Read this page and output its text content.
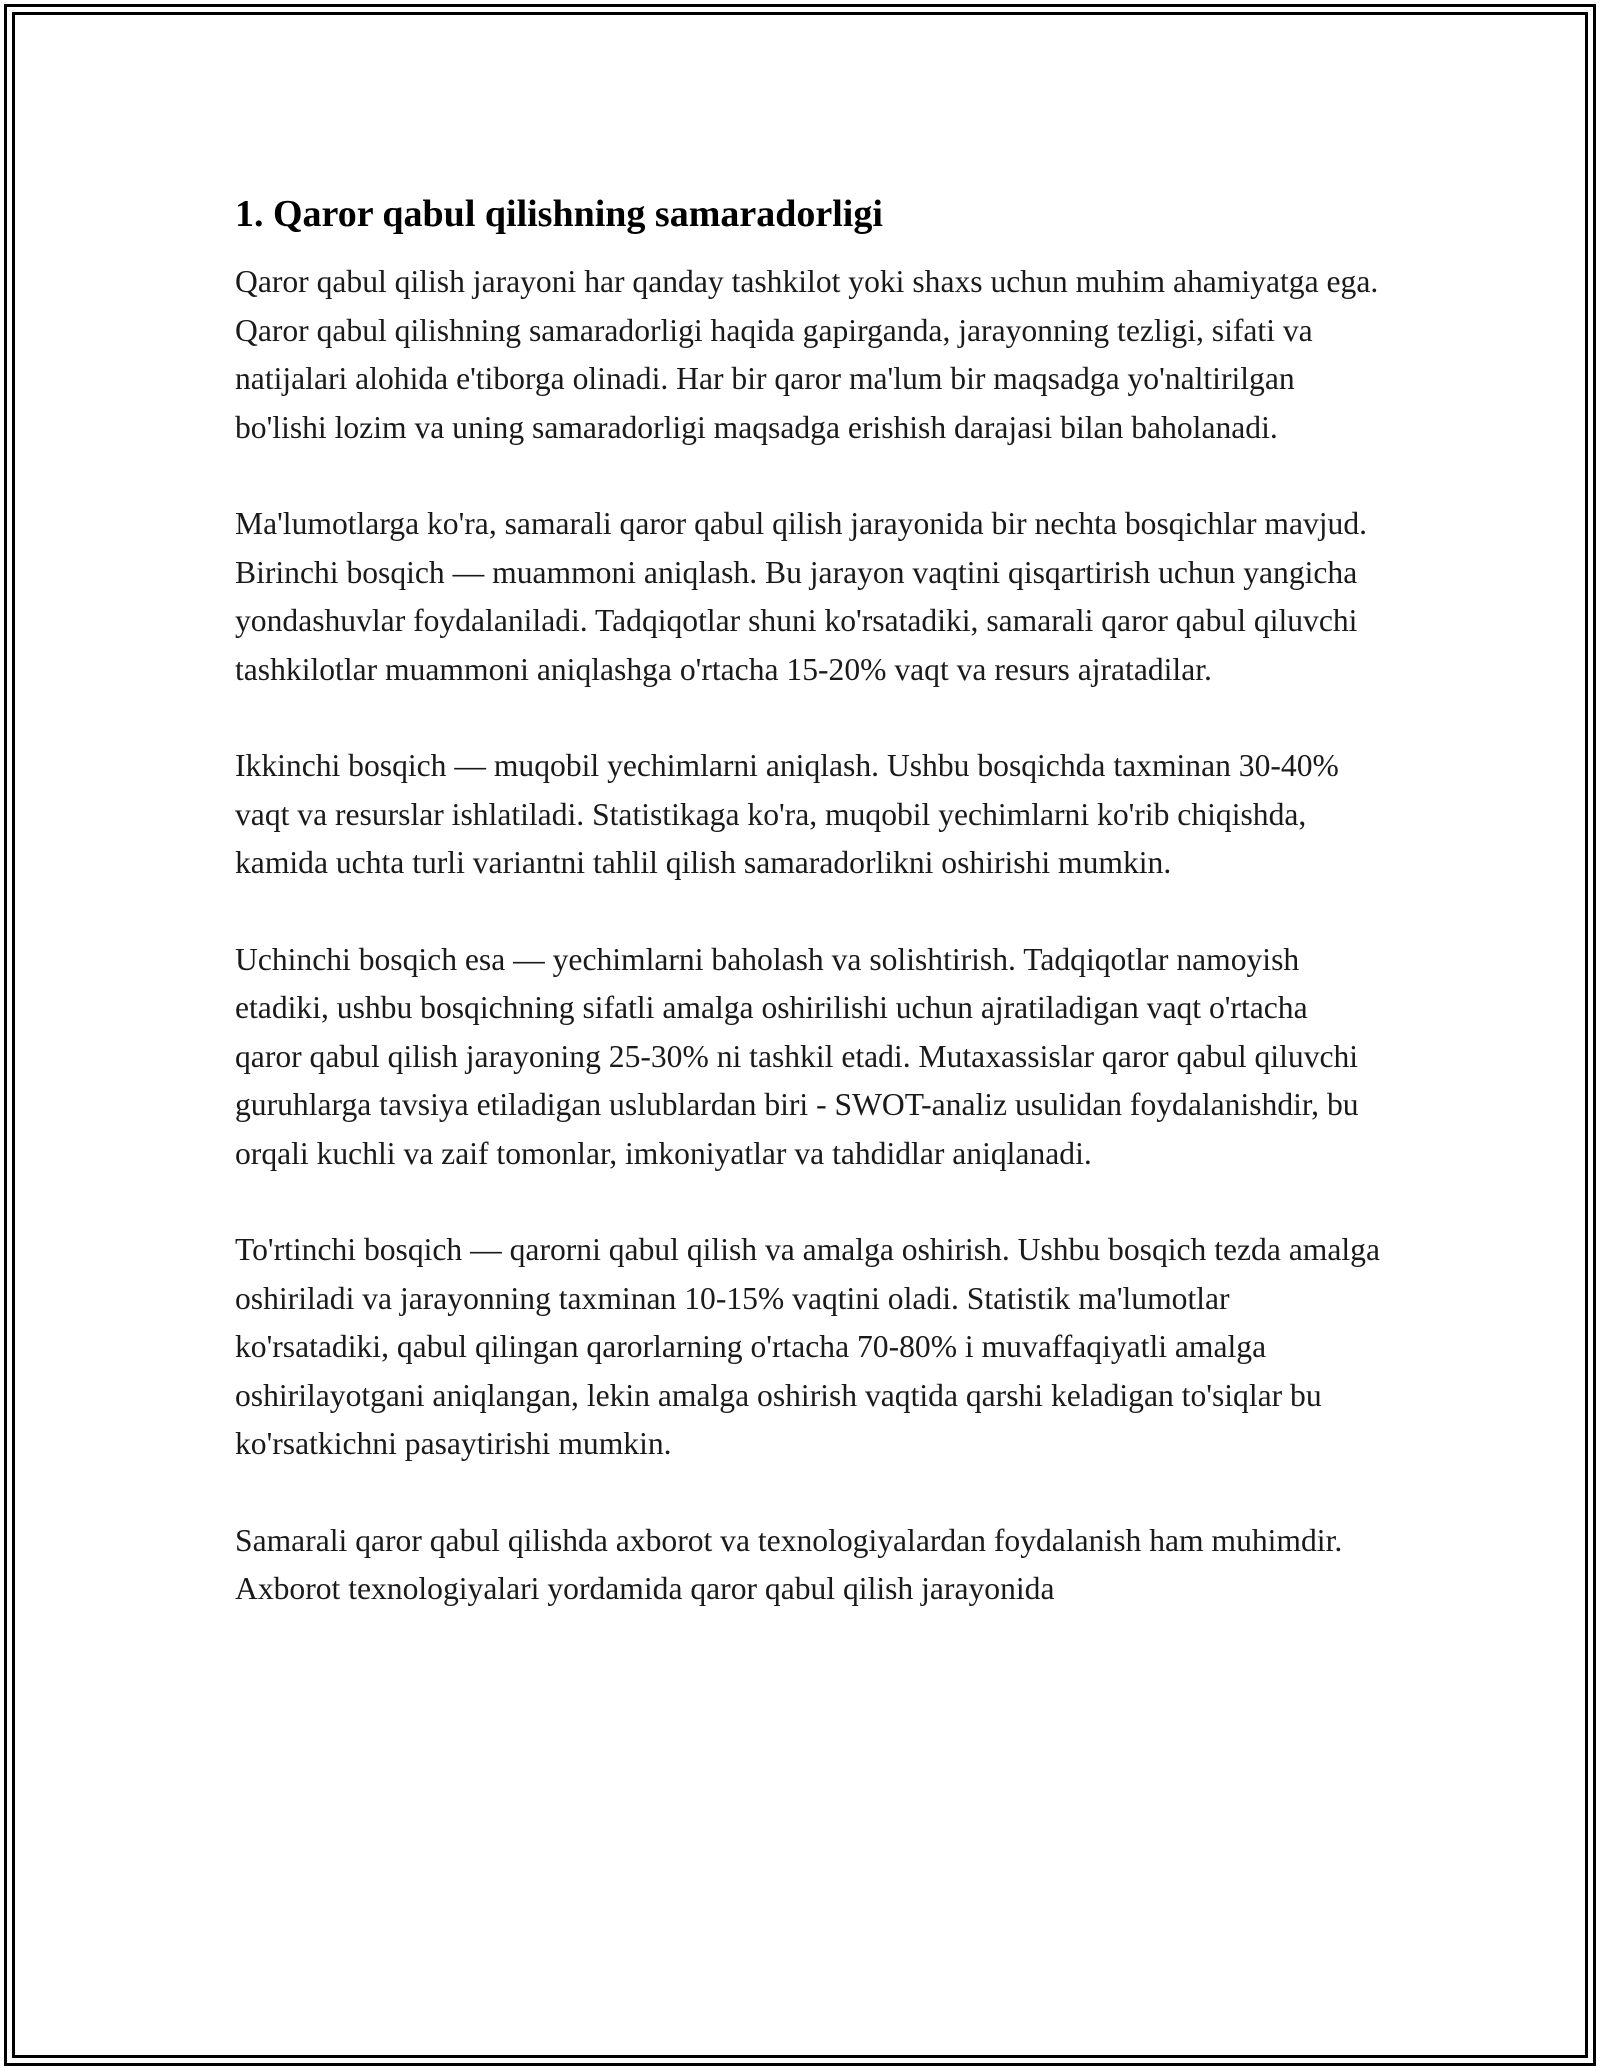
1. Qaror qabul qilishning samaradorligi

Qaror qabul qilish jarayoni har qanday tashkilot yoki shaxs uchun muhim ahamiyatga ega. Qaror qabul qilishning samaradorligi haqida gapirganda, jarayonning tezligi, sifati va natijalari alohida e'tiborga olinadi. Har bir qaror ma'lum bir maqsadga yo'naltirilgan bo'lishi lozim va uning samaradorligi maqsadga erishish darajasi bilan baholanadi.

Ma'lumotlarga ko'ra, samarali qaror qabul qilish jarayonida bir nechta bosqichlar mavjud. Birinchi bosqich — muammoni aniqlash. Bu jarayon vaqtini qisqartirish uchun yangicha yondashuvlar foydalaniladi. Tadqiqotlar shuni ko'rsatadiki, samarali qaror qabul qiluvchi tashkilotlar muammoni aniqlashga o'rtacha 15-20% vaqt va resurs ajratadilar.

Ikkinchi bosqich — muqobil yechimlarni aniqlash. Ushbu bosqichda taxminan 30-40% vaqt va resurslar ishlatiladi. Statistikaga ko'ra, muqobil yechimlarni ko'rib chiqishda, kamida uchta turli variantni tahlil qilish samaradorlikni oshirishi mumkin.

Uchinchi bosqich esa — yechimlarni baholash va solishtirish. Tadqiqotlar namoyish etadiki, ushbu bosqichning sifatli amalga oshirilishi uchun ajratiladigan vaqt o'rtacha qaror qabul qilish jarayoning 25-30% ni tashkil etadi. Mutaxassislar qaror qabul qiluvchi guruhlarga tavsiya etiladigan uslublardan biri - SWOT-analiz usulidan foydalanishdir, bu orqali kuchli va zaif tomonlar, imkoniyatlar va tahdidlar aniqlanadi.

To'rtinchi bosqich — qarorni qabul qilish va amalga oshirish. Ushbu bosqich tezda amalga oshiriladi va jarayonning taxminan 10-15% vaqtini oladi. Statistik ma'lumotlar ko'rsatadiki, qabul qilingan qarorlarning o'rtacha 70-80% i muvaffaqiyatli amalga oshirilayotgani aniqlangan, lekin amalga oshirish vaqtida qarshi keladigan to'siqlar bu ko'rsatkichni pasaytirishi mumkin.

Samarali qaror qabul qilishda axborot va texnologiyalardan foydalanish ham muhimdir. Axborot texnologiyalari yordamida qaror qabul qilish jarayonida
